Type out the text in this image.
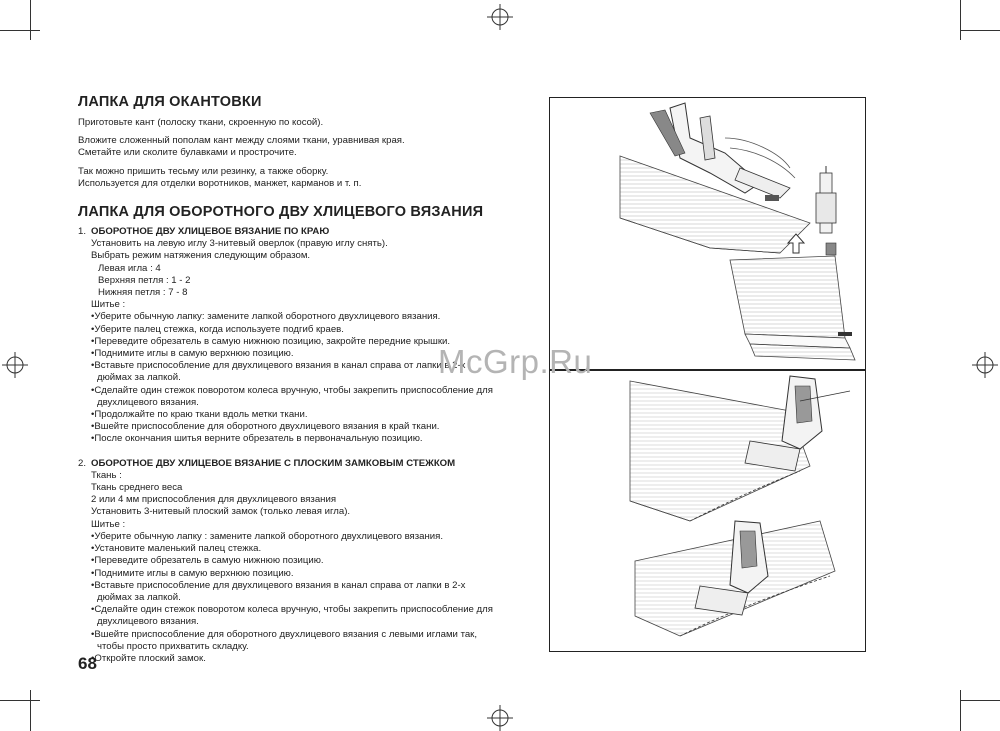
ЛАПКА ДЛЯ ОКАНТОВКИ

Приготовьте кант (полоску ткани, скроенную по косой).

Вложите сложенный пополам кант между слоями ткани, уравнивая края.

Сметайте или сколите булавками и прострочите.

Так можно пришить тесьму или резинку, а также оборку.

Используется для отделки воротников, манжет, карманов и т. п.

ЛАПКА ДЛЯ ОБОРОТНОГО ДВУ ХЛИЦЕВОГО ВЯЗАНИЯ

1. ОБОРОТНОЕ ДВУ ХЛИЦЕВОЕ ВЯЗАНИЕ ПО КРАЮ

Установить на левую иглу 3-нитевый оверлок (правую иглу снять).

Выбрать режим натяжения следующим образом.

Левая игла : 4

Верхняя петля : 1 - 2

Нижняя петля : 7 - 8

Шитье :

•Уберите обычную лапку: замените лапкой оборотного двухлицевого вязания.

•Уберите палец стежка, когда используете подгиб краев.

•Переведите обрезатель в самую нижнюю позицию, закройте передние крышки.

•Поднимите иглы в самую верхнюю позицию.

•Вставьте приспособление для двухлицевого вязания в канал справа от лапки в 2-х

дюймах за лапкой.

•Сделайте один стежок поворотом колеса вручную, чтобы закрепить приспособление для

двухлицевого вязания.

•Продолжайте по краю ткани вдоль метки ткани.

•Вшейте приспособление для оборотного двухлицевого вязания в край ткани.

•После окончания шитья верните обрезатель в первоначальную позицию.

2. ОБОРОТНОЕ ДВУ ХЛИЦЕВОЕ ВЯЗАНИЕ С ПЛОСКИМ ЗАМКОВЫМ СТЕЖКОМ

Ткань :

Ткань среднего веса

2 или 4 мм приспособления для двухлицевого вязания

Установить 3-нитевый плоский замок (только левая игла).

Шитье :

•Уберите обычную лапку : замените лапкой оборотного двухлицевого вязания.

•Установите маленький палец стежка.

•Переведите обрезатель в самую нижнюю позицию.

•Поднимите иглы в самую верхнюю позицию.

•Вставьте приспособление для двухлицевого вязания в канал справа от лапки в 2-х

дюймах за лапкой.

•Сделайте один стежок поворотом колеса вручную, чтобы закрепить приспособление для

двухлицевого вязания.

•Вшейте приспособление для оборотного двухлицевого вязания с левыми иглами так,

чтобы просто прихватить складку.

•Откройте плоский замок.

68
McGrp.Ru
